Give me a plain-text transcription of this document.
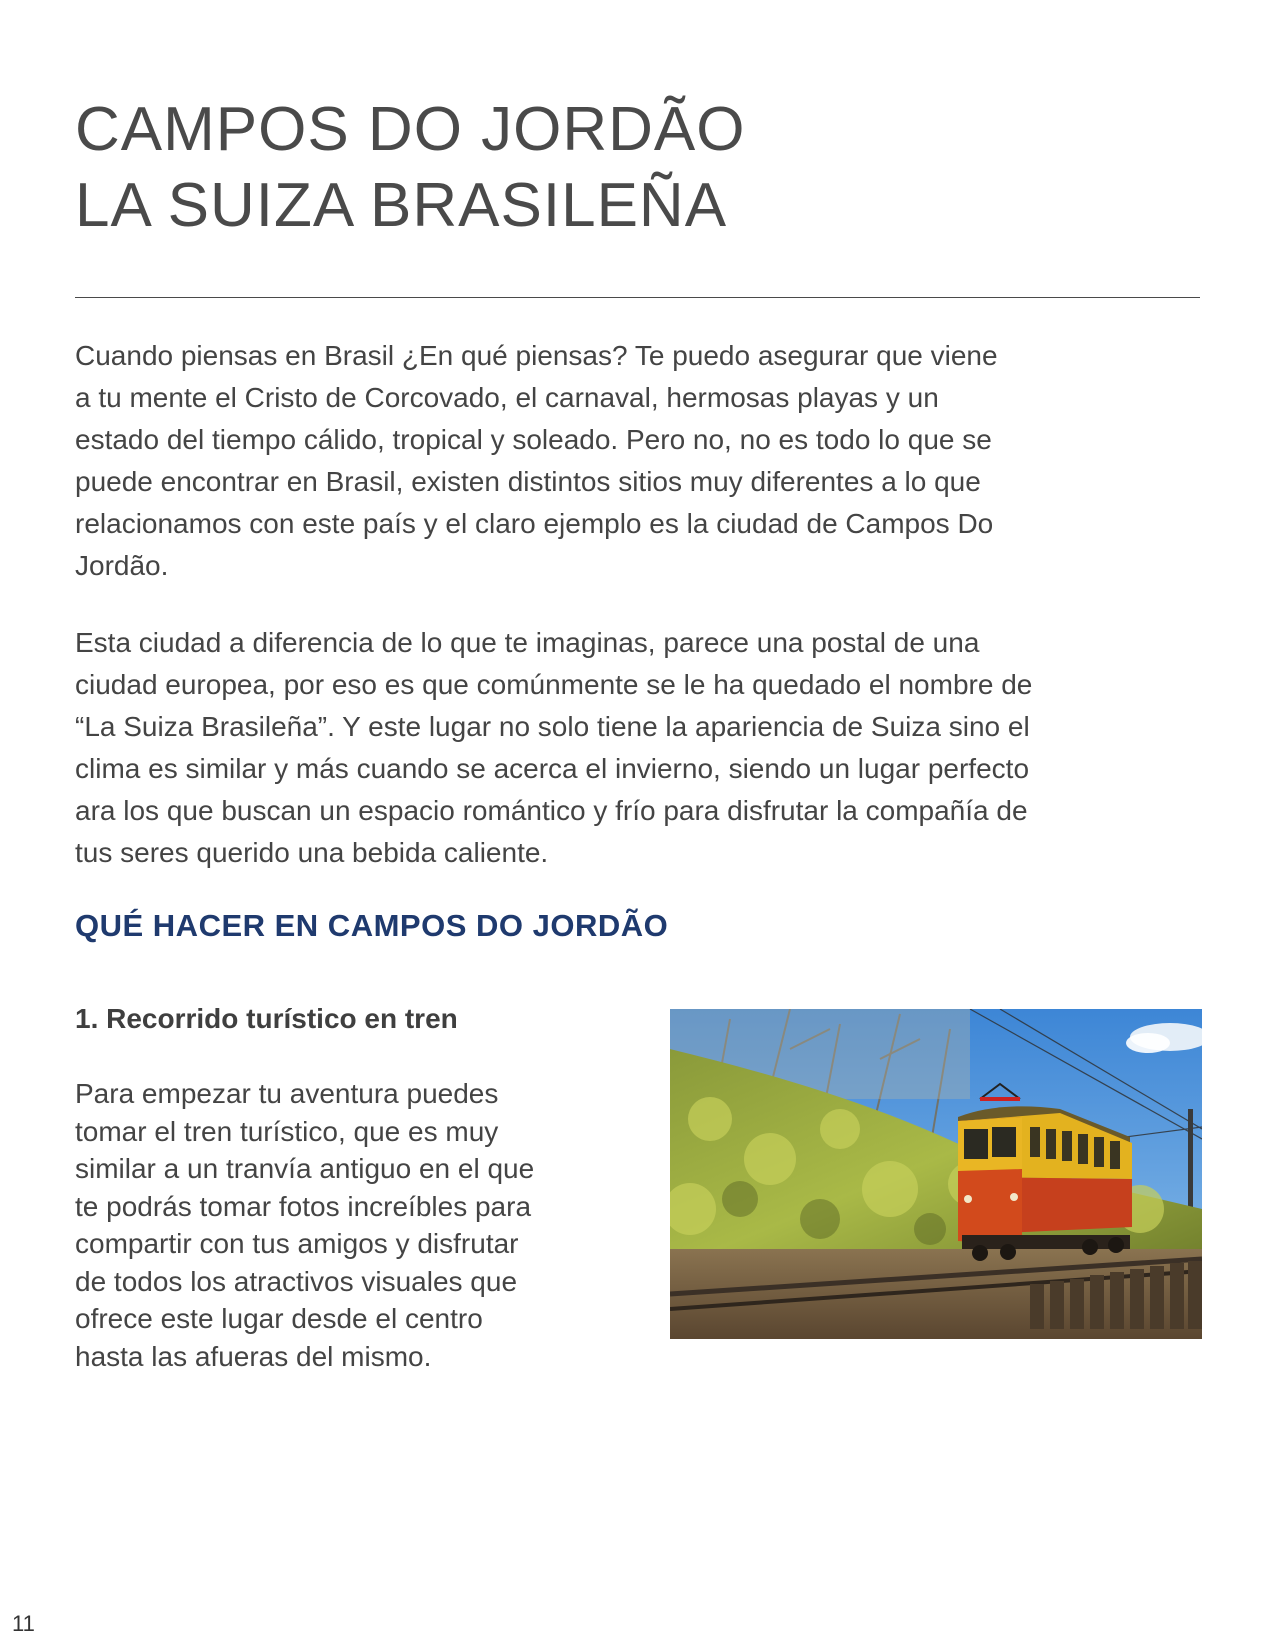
CAMPOS DO JORDÃO
LA SUIZA BRASILEÑA

Cuando piensas en Brasil ¿En qué piensas? Te puedo asegurar que viene
a tu mente el Cristo de Corcovado, el carnaval, hermosas playas y un
estado del tiempo cálido, tropical y soleado. Pero no, no es todo lo que se
puede encontrar en Brasil, existen distintos sitios muy diferentes a lo que
relacionamos con este país y el claro ejemplo es la ciudad de Campos Do
Jordão.

Esta ciudad a diferencia de lo que te imaginas, parece una postal de una
ciudad europea, por eso es que comúnmente se le ha quedado el nombre de
“La Suiza Brasileña”. Y este lugar no solo tiene la apariencia de Suiza sino el
clima es similar y más cuando se acerca el invierno, siendo un lugar perfecto
ara los que buscan un espacio romántico y frío para disfrutar la compañía de
tus seres querido una bebida caliente.

QUÉ HACER EN CAMPOS DO JORDÃO
1. Recorrido turístico en tren

Para empezar tu aventura puedes
tomar el tren turístico, que es muy
similar a un tranvía antiguo en el que
te podrás tomar fotos increíbles para
compartir con tus amigos y disfrutar
de todos los atractivos visuales que
ofrece este lugar desde el centro
hasta las afueras del mismo.

11
